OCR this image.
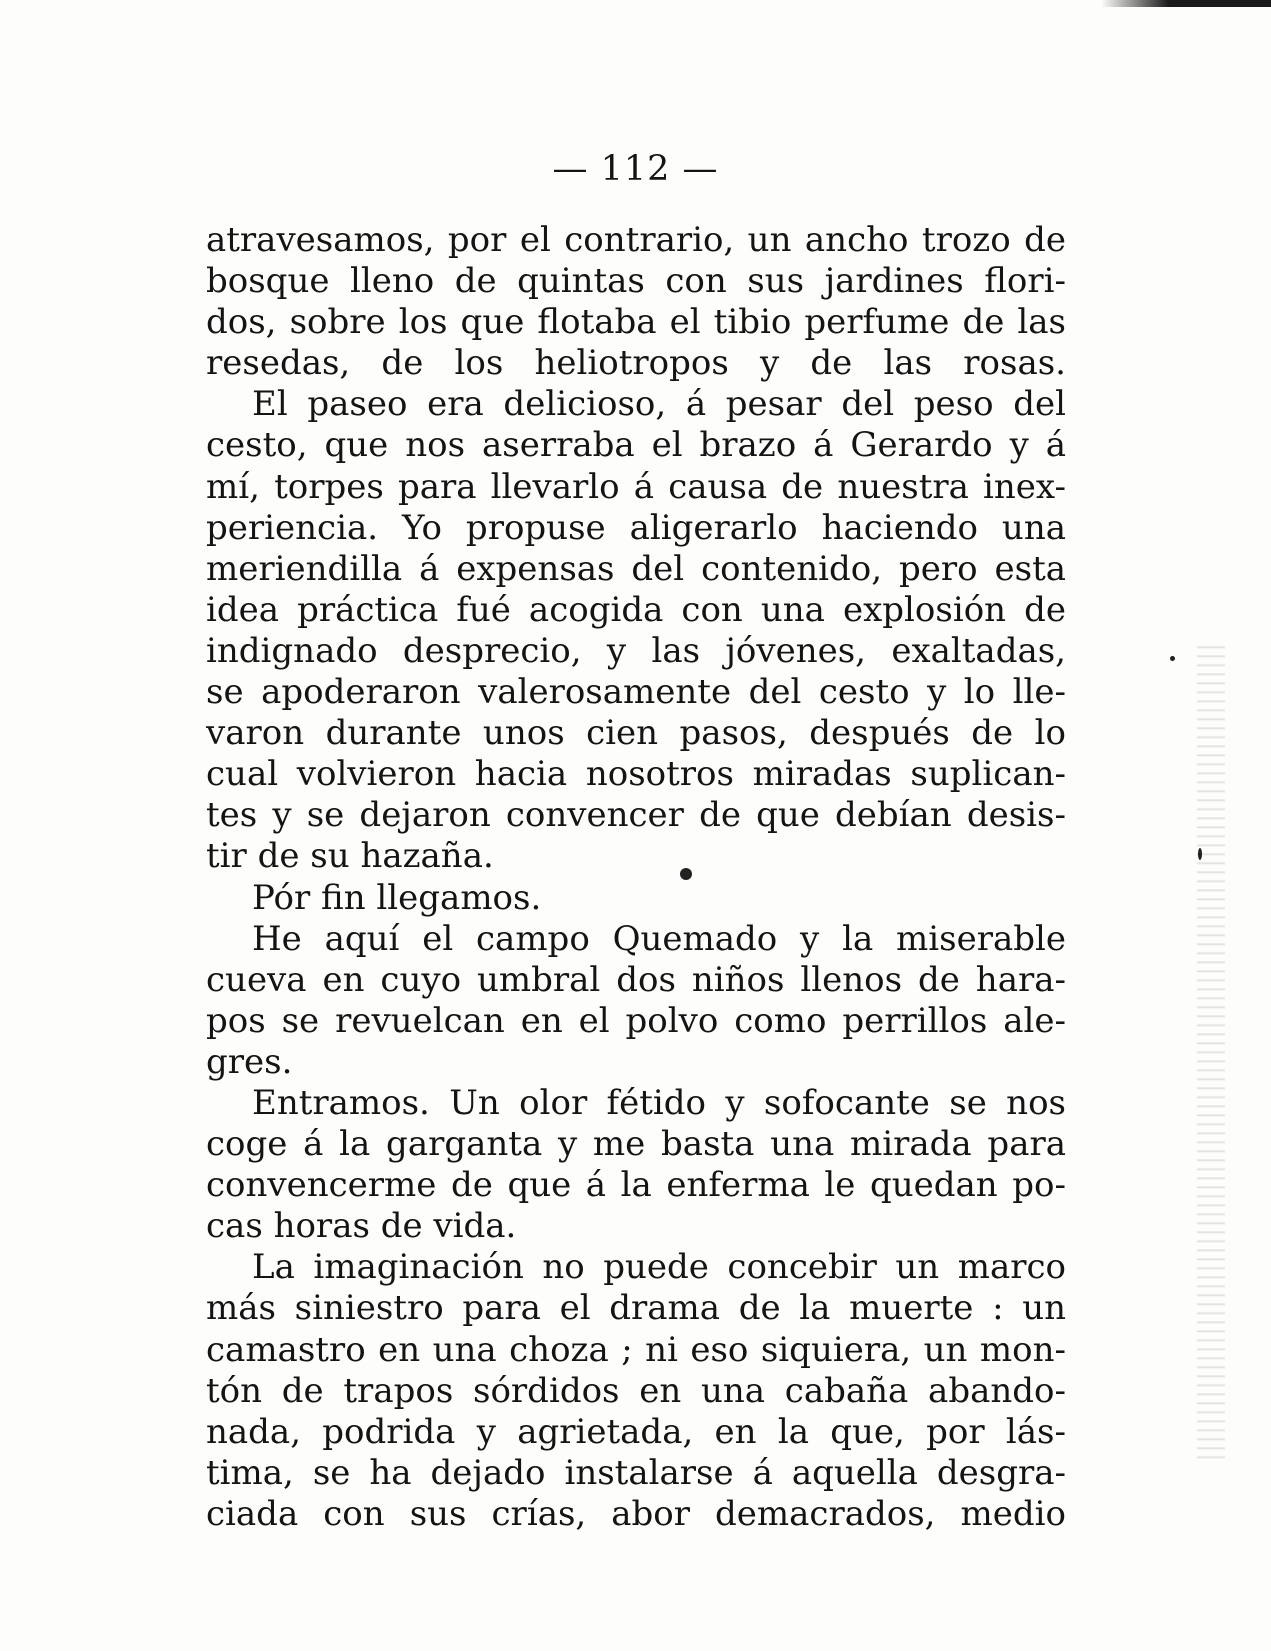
— 112 —
atravesamos, por el contrario, un ancho trozo de
bosque lleno de quintas con sus jardines flori-
dos, sobre los que flotaba el tibio perfume de las
resedas, de los heliotropos y de las rosas.
El paseo era delicioso, á pesar del peso del
cesto, que nos aserraba el brazo á Gerardo y á
mí, torpes para llevarlo á causa de nuestra inex-
periencia. Yo propuse aligerarlo haciendo una
meriendilla á expensas del contenido, pero esta
idea práctica fué acogida con una explosión de
indignado desprecio, y las jóvenes, exaltadas,
se apoderaron valerosamente del cesto y lo lle-
varon durante unos cien pasos, después de lo
cual volvieron hacia nosotros miradas suplican-
tes y se dejaron convencer de que debían desis-
tir de su hazaña.
Pór fin llegamos.
He aquí el campo Quemado y la miserable
cueva en cuyo umbral dos niños llenos de hara-
pos se revuelcan en el polvo como perrillos ale-
gres.
Entramos. Un olor fétido y sofocante se nos
coge á la garganta y me basta una mirada para
convencerme de que á la enferma le quedan po-
cas horas de vida.
La imaginación no puede concebir un marco
más siniestro para el drama de la muerte : un
camastro en una choza ; ni eso siquiera, un mon-
tón de trapos sórdidos en una cabaña abando-
nada, podrida y agrietada, en la que, por lás-
tima, se ha dejado instalarse á aquella desgra-
ciada con sus crías, abor demacrados, medio
